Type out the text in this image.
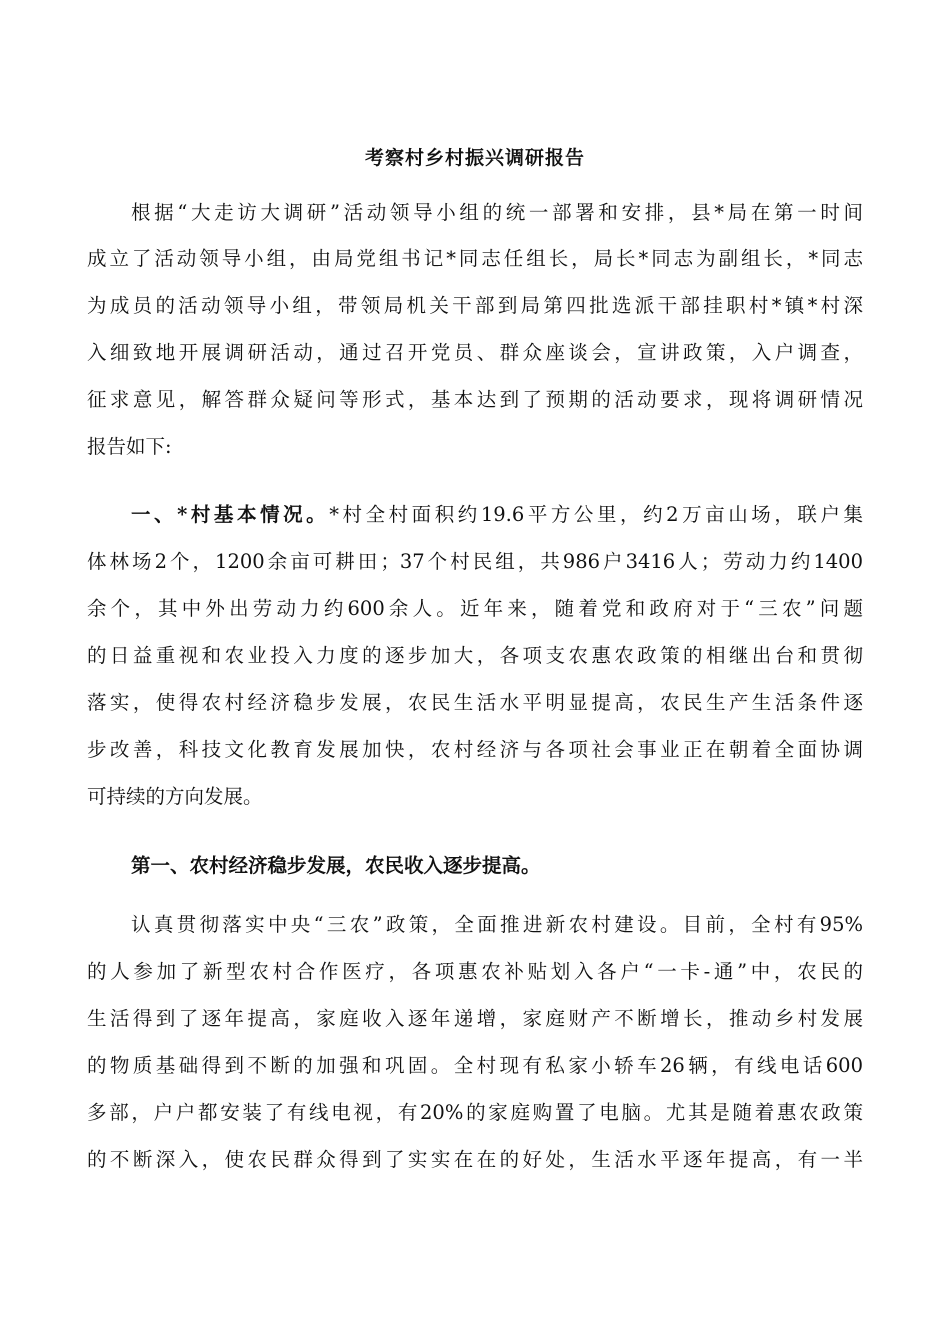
考察村乡村振兴调研报告

根据“大走访大调研”活动领导小组的统一部署和安排，县*局在第一时间

成立了活动领导小组，由局党组书记*同志任组长，局长*同志为副组长，*同志

为成员的活动领导小组，带领局机关干部到局第四批选派干部挂职村*镇*村深

入细致地开展调研活动，通过召开党员、群众座谈会，宣讲政策，入户调查，

征求意见，解答群众疑问等形式，基本达到了预期的活动要求，现将调研情况

报告如下:

一、*村基本情况。*村全村面积约19.6平方公里，约2万亩山场，联户集

体林场2个，1200余亩可耕田；37个村民组，共986户3416人；劳动力约1400

余个，其中外出劳动力约600余人。近年来，随着党和政府对于“三农”问题

的日益重视和农业投入力度的逐步加大，各项支农惠农政策的相继出台和贯彻

落实，使得农村经济稳步发展，农民生活水平明显提高，农民生产生活条件逐

步改善，科技文化教育发展加快，农村经济与各项社会事业正在朝着全面协调

可持续的方向发展。

第一、农村经济稳步发展，农民收入逐步提高。

认真贯彻落实中央“三农”政策，全面推进新农村建设。目前，全村有95%

的人参加了新型农村合作医疗，各项惠农补贴划入各户“一卡-通”中，农民的

生活得到了逐年提高，家庭收入逐年递增，家庭财产不断增长，推动乡村发展

的物质基础得到不断的加强和巩固。全村现有私家小轿车26辆，有线电话600

多部，户户都安装了有线电视，有20%的家庭购置了电脑。尤其是随着惠农政策

的不断深入，使农民群众得到了实实在在的好处，生活水平逐年提高，有一半
